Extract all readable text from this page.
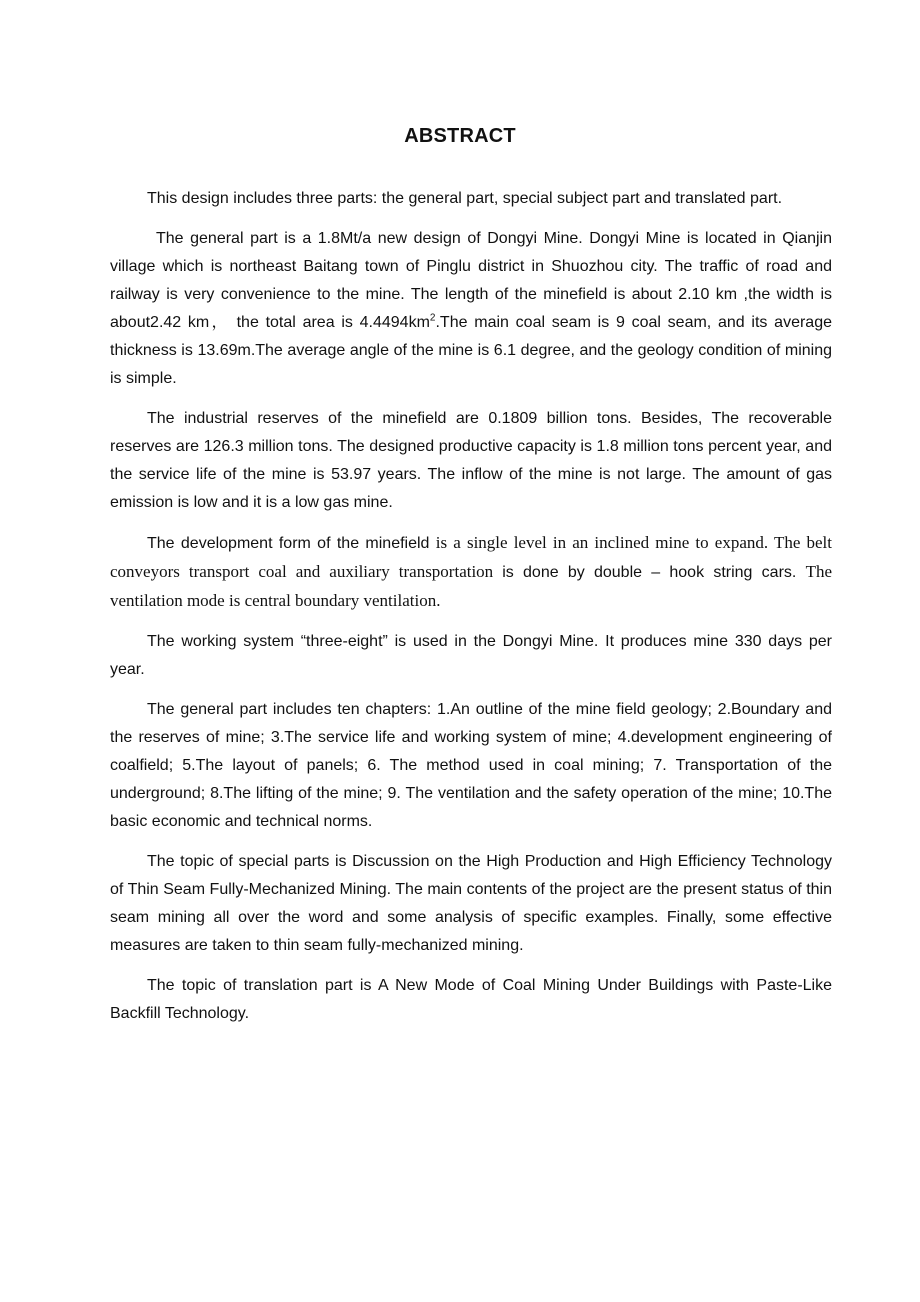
ABSTRACT

This design includes three parts: the general part, special subject part and translated part.

The general part is a 1.8Mt/a new design of Dongyi Mine. Dongyi Mine is located in Qianjin village which is northeast Baitang town of Pinglu district in Shuozhou city. The traffic of road and railway is very convenience to the mine. The length of the minefield is about 2.10 km ,the width is about2.42 km， the total area is $4.4494km^2.The$ main coal seam is 9 coal seam, and its average thickness is 13.69m.The average angle of the mine is 6.1 degree, and the geology condition of mining is simple.

The industrial reserves of the minefield are 0.1809 billion tons. Besides, The recoverable reserves are 126.3 million tons. The designed productive capacity is 1.8 million tons percent year, and the service life of the mine is 53.97 years. The inflow of the mine is not large. The amount of gas emission is low and it is a low gas mine.

The development form of the minefield is a single level in an inclined mine to expand. The belt conveyors transport coal and auxiliary transportation is done by double – hook string cars. The ventilation mode is central boundary ventilation.

The working system “three-eight” is used in the Dongyi Mine. It produces mine 330 days per year.

The general part includes ten chapters: 1.An outline of the mine field geology; 2.Boundary and the reserves of mine; 3.The service life and working system of mine; 4.development engineering of coalfield; 5.The layout of panels; 6. The method used in coal mining; 7. Transportation of the underground; 8.The lifting of the mine; 9. The ventilation and the safety operation of the mine; 10.The basic economic and technical norms.

The topic of special parts is Discussion on the High Production and High Efficiency Technology of Thin Seam Fully-Mechanized Mining. The main contents of the project are the present status of thin seam mining all over the word and some analysis of specific examples. Finally, some effective measures are taken to thin seam fully-mechanized mining.

The topic of translation part is A New Mode of Coal Mining Under Buildings with Paste-Like Backfill Technology.
